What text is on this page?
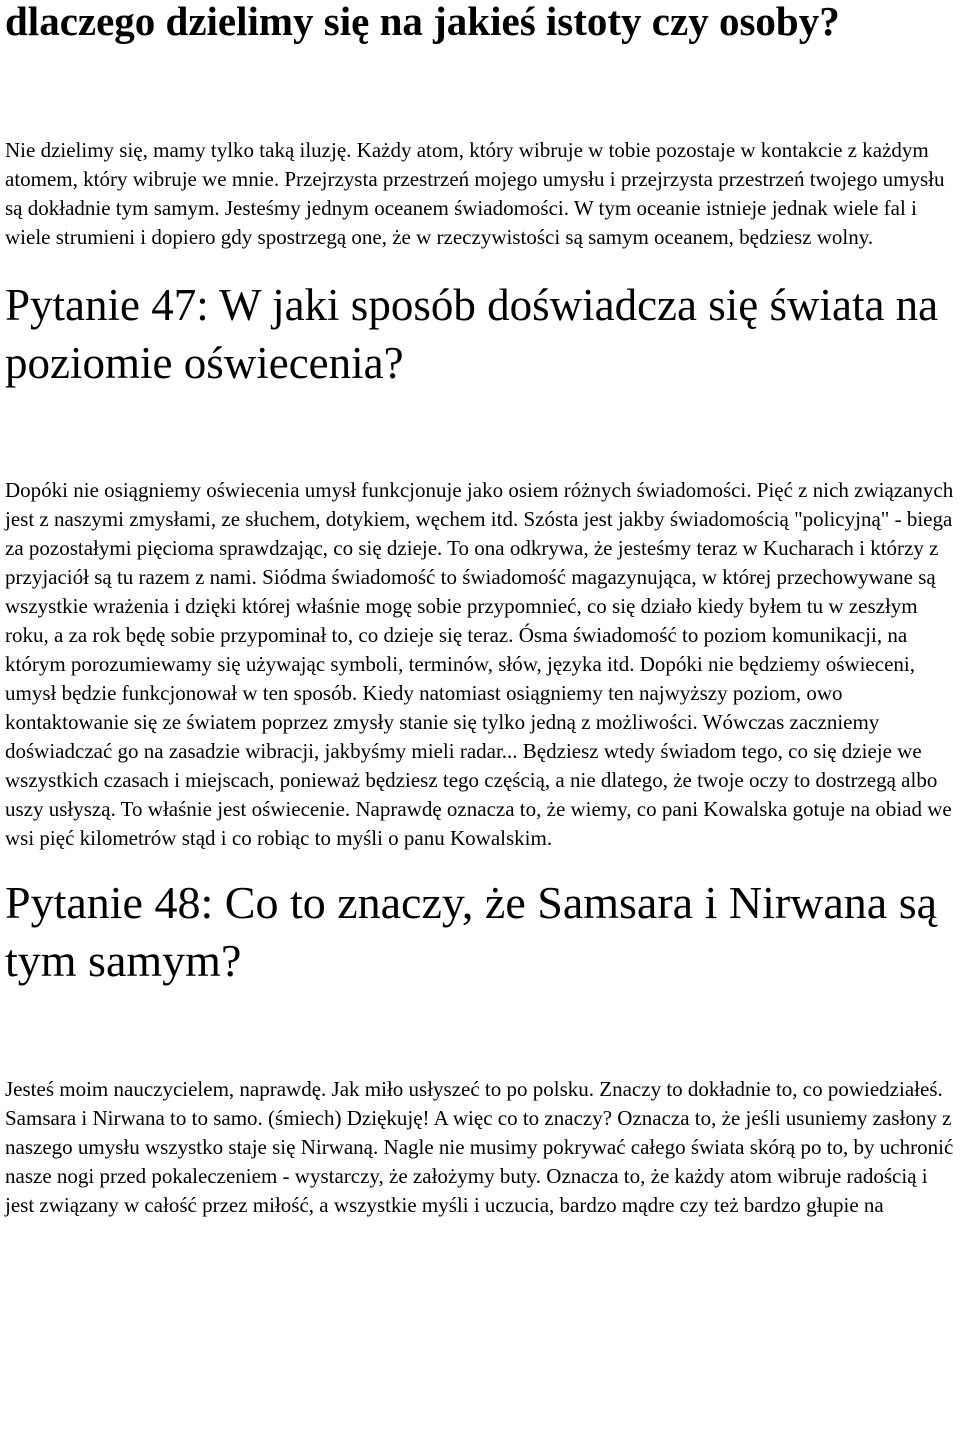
dlaczego dzielimy się na jakieś istoty czy osoby?

Nie dzielimy się, mamy tylko taką iluzję. Każdy atom, który wibruje w tobie pozostaje w kontakcie z każdym atomem, który wibruje we mnie. Przejrzysta przestrzeń mojego umysłu i przejrzysta przestrzeń twojego umysłu są dokładnie tym samym. Jesteśmy jednym oceanem świadomości. W tym oceanie istnieje jednak wiele fal i wiele strumieni i dopiero gdy spostrzegą one, że w rzeczywistości są samym oceanem, będziesz wolny.

Pytanie 47: W jaki sposób doświadcza się świata na poziomie oświecenia?

Dopóki nie osiągniemy oświecenia umysł funkcjonuje jako osiem różnych świadomości. Pięć z nich związanych jest z naszymi zmysłami, ze słuchem, dotykiem, węchem itd. Szósta jest jakby świadomością "policyjną" - biega za pozostałymi pięcioma sprawdzając, co się dzieje. To ona odkrywa, że jesteśmy teraz w Kucharach i którzy z przyjaciół są tu razem z nami. Siódma świadomość to świadomość magazynująca, w której przechowywane są wszystkie wrażenia i dzięki której właśnie mogę sobie przypomnieć, co się działo kiedy byłem tu w zeszłym roku, a za rok będę sobie przypominał to, co dzieje się teraz. Ósma świadomość to poziom komunikacji, na którym porozumiewamy się używając symboli, terminów, słów, języka itd. Dopóki nie będziemy oświeceni, umysł będzie funkcjonował w ten sposób. Kiedy natomiast osiągniemy ten najwyższy poziom, owo kontaktowanie się ze światem poprzez zmysły stanie się tylko jedną z możliwości. Wówczas zaczniemy doświadczać go na zasadzie wibracji, jakbyśmy mieli radar... Będziesz wtedy świadom tego, co się dzieje we wszystkich czasach i miejscach, ponieważ będziesz tego częścią, a nie dlatego, że twoje oczy to dostrzegą albo uszy usłyszą. To właśnie jest oświecenie. Naprawdę oznacza to, że wiemy, co pani Kowalska gotuje na obiad we wsi pięć kilometrów stąd i co robiąc to myśli o panu Kowalskim.

Pytanie 48: Co to znaczy, że Samsara i Nirwana są tym samym?

Jesteś moim nauczycielem, naprawdę. Jak miło usłyszeć to po polsku. Znaczy to dokładnie to, co powiedziałeś. Samsara i Nirwana to to samo. (śmiech) Dziękuję! A więc co to znaczy? Oznacza to, że jeśli usuniemy zasłony z naszego umysłu wszystko staje się Nirwaną. Nagle nie musimy pokrywać całego świata skórą po to, by uchronić nasze nogi przed pokaleczeniem - wystarczy, że założymy buty. Oznacza to, że każdy atom wibruje radością i jest związany w całość przez miłość, a wszystkie myśli i uczucia, bardzo mądre czy też bardzo głupie na
